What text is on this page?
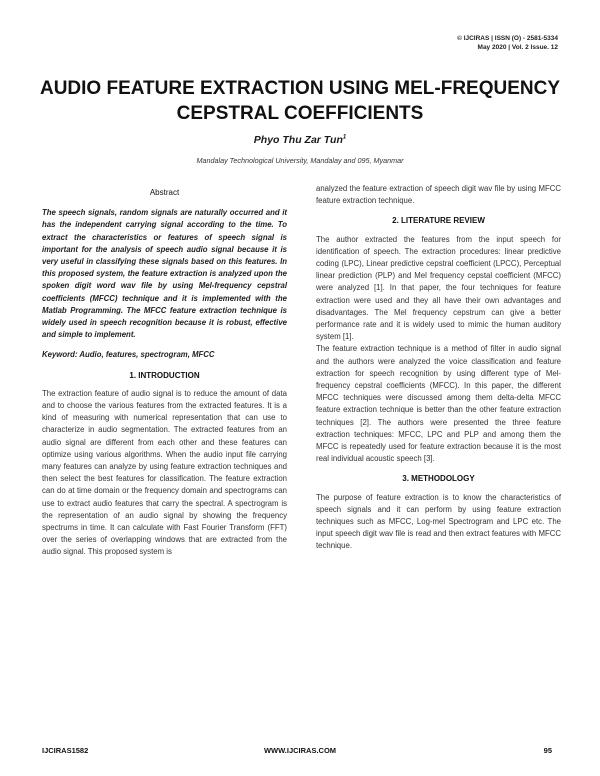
© IJCIRAS | ISSN (O) - 2581-5334
May 2020 | Vol. 2 Issue. 12
AUDIO FEATURE EXTRACTION USING MEL-FREQUENCY
CEPSTRAL COEFFICIENTS
Phyo Thu Zar Tun$^1$
Mandalay Technological University, Mandalay and 095, Myanmar
Abstract

The speech signals, random signals are naturally occurred and it has the independent carrying signal according to the time. To extract the characteristics or features of speech signal is important for the analysis of speech audio signal because it is very useful in classifying these signals based on this features. In this proposed system, the feature extraction is analyzed upon the spoken digit word wav file by using Mel-frequency cepstral coefficients (MFCC) technique and it is implemented with the Matlab Programming. The MFCC feature extraction technique is widely used in speech recognition because it is robust, effective and simple to implement.

Keyword: Audio, features, spectrogram, MFCC

1. INTRODUCTION

The extraction feature of audio signal is to reduce the amount of data and to choose the various features from the extracted features. It is a kind of measuring with numerical representation that can use to characterize in audio segmentation. The extracted features from an audio signal are different from each other and these features can optimize using various algorithms. When the audio input file carrying many features can analyze by using feature extraction techniques and then select the best features for classification. The feature extraction can do at time domain or the frequency domain and spectrograms can use to extract audio features that carry the spectral. A spectrogram is the representation of an audio signal by showing the frequency spectrums in time. It can calculate with Fast Fourier Transform (FFT) over the series of overlapping windows that are extracted from the audio signal. This proposed system is

analyzed the feature extraction of speech digit wav file by using MFCC feature extraction technique.

2. LITERATURE REVIEW

The author extracted the features from the input speech for identification of speech. The extraction procedures: linear predictive coding (LPC), Linear predictive cepstral coefficient (LPCC), Perceptual linear prediction (PLP) and Mel frequency cepstal coefficient (MFCC) were analyzed [1]. In that paper, the four techniques for feature extraction were used and they all have their own advantages and disadvantages. The Mel frequency cepstrum can give a better performance rate and it is widely used to mimic the human auditory system [1].

The feature extraction technique is a method of filter in audio signal and the authors were analyzed the voice classification and feature extraction for speech recognition by using different type of Mel-frequency cepstral coefficients (MFCC). In this paper, the different MFCC techniques were discussed among them delta-delta MFCC feature extraction technique is better than the other feature extraction techniques [2]. The authors were presented the three feature extraction techniques: MFCC, LPC and PLP and among them the MFCC is repeatedly used for feature extraction because it is the most real individual acoustic speech [3].

3. METHODOLOGY

The purpose of feature extraction is to know the characteristics of speech signals and it can perform by using feature extraction techniques such as MFCC, Log-mel Spectrogram and LPC etc. The input speech digit wav file is read and then extract features with MFCC technique.

IJCIRAS1582	WWW.IJCIRAS.COM	95
